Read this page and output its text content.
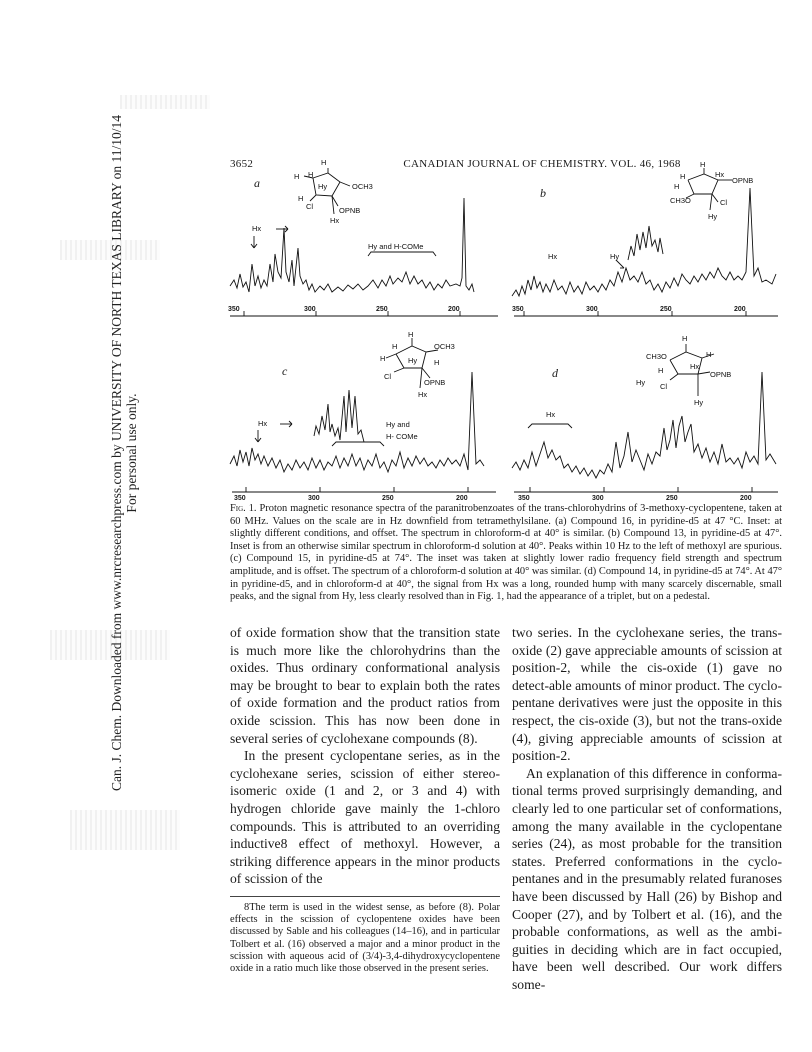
Can. J. Chem. Downloaded from www.nrcresearchpress.com by UNIVERSITY OF NORTH TEXAS LIBRARY on 11/10/14 For personal use only.
3652	CANADIAN JOURNAL OF CHEMISTRY. VOL. 46, 1968
a
H
H
H
H
Hy	OCH3
Cl	OPNB
Hx
Hx
Hy and H-COMe
350	300	250	200
b
H
H
H
Hx
OPNB
CH3O	Cl
Hy
Hx	Hy
350	300	250	200
c
H
H
H
OCH3
Hy H
Cl
OPNB
Hx
Hx	Hy and
H- COMe
350	300	250	200
d
CH3O
H
H
H	Hx
OPNB
Cl
Hy
Hx
Hy
350	300	250	200
Fig. 1. Proton magnetic resonance spectra of the paranitrobenzoates of the trans-chlorohydrins of 3-methoxy-cyclopentene, taken at 60 MHz. Values on the scale are in Hz downfield from tetramethylsilane. (a) Compound 16, in pyridine-d5 at 47 °C. Inset: at slightly different conditions, and offset. The spectrum in chloroform-d at 40° is similar. (b) Compound 13, in pyridine-d5 at 47°. Inset is from an otherwise similar spectrum in chloroform-d solution at 40°. Peaks within 10 Hz to the left of methoxyl are spurious. (c) Compound 15, in pyridine-d5 at 74°. The inset was taken at slightly lower radio frequency field strength and spectrum amplitude, and is offset. The spectrum of a chloroform-d solution at 40° was similar. (d) Compound 14, in pyridine-d5 at 74°. At 47° in pyridine-d5, and in chloroform-d at 40°, the signal from Hx was a long, rounded hump with many scarcely discernable, small peaks, and the signal from Hy, less clearly resolved than in Fig. 1, had the appearance of a triplet, but on a pedestal.

of oxide formation show that the transition state is much more like the chlorohydrins than the oxides. Thus ordinary conformational analysis may be brought to bear to explain both the rates of oxide formation and the product ratios from oxide scission. This has now been done in several series of cyclohexane compounds (8).

In the present cyclopentane series, as in the cyclohexane series, scission of either stereo-isomeric oxide (1 and 2, or 3 and 4) with hydrogen chloride gave mainly the 1-chloro compounds. This is attributed to an overriding inductive8 effect of methoxyl. However, a striking difference appears in the minor products of scission of the

two series. In the cyclohexane series, the trans-oxide (2) gave appreciable amounts of scission at position-2, while the cis-oxide (1) gave no detect-able amounts of minor product. The cyclo-pentane derivatives were just the opposite in this respect, the cis-oxide (3), but not the trans-oxide (4), giving appreciable amounts of scission at position-2.

An explanation of this difference in conforma-tional terms proved surprisingly demanding, and clearly led to one particular set of conformations, among the many available in the cyclopentane series (24), as most probable for the transition states. Preferred conformations in the cyclo-pentanes and in the presumably related furanoses have been discussed by Hall (26) by Bishop and Cooper (27), and by Tolbert et al. (16), and the probable conformations, as well as the ambi-guities in deciding which are in fact occupied, have been well described. Our work differs some-

8The term is used in the widest sense, as before (8). Polar effects in the scission of cyclopentene oxides have been discussed by Sable and his colleagues (14–16), and in particular Tolbert et al. (16) observed a major and a minor product in the scission with aqueous acid of (3/4)-3,4-dihydroxycyclopentene oxide in a ratio much like those observed in the present series.
